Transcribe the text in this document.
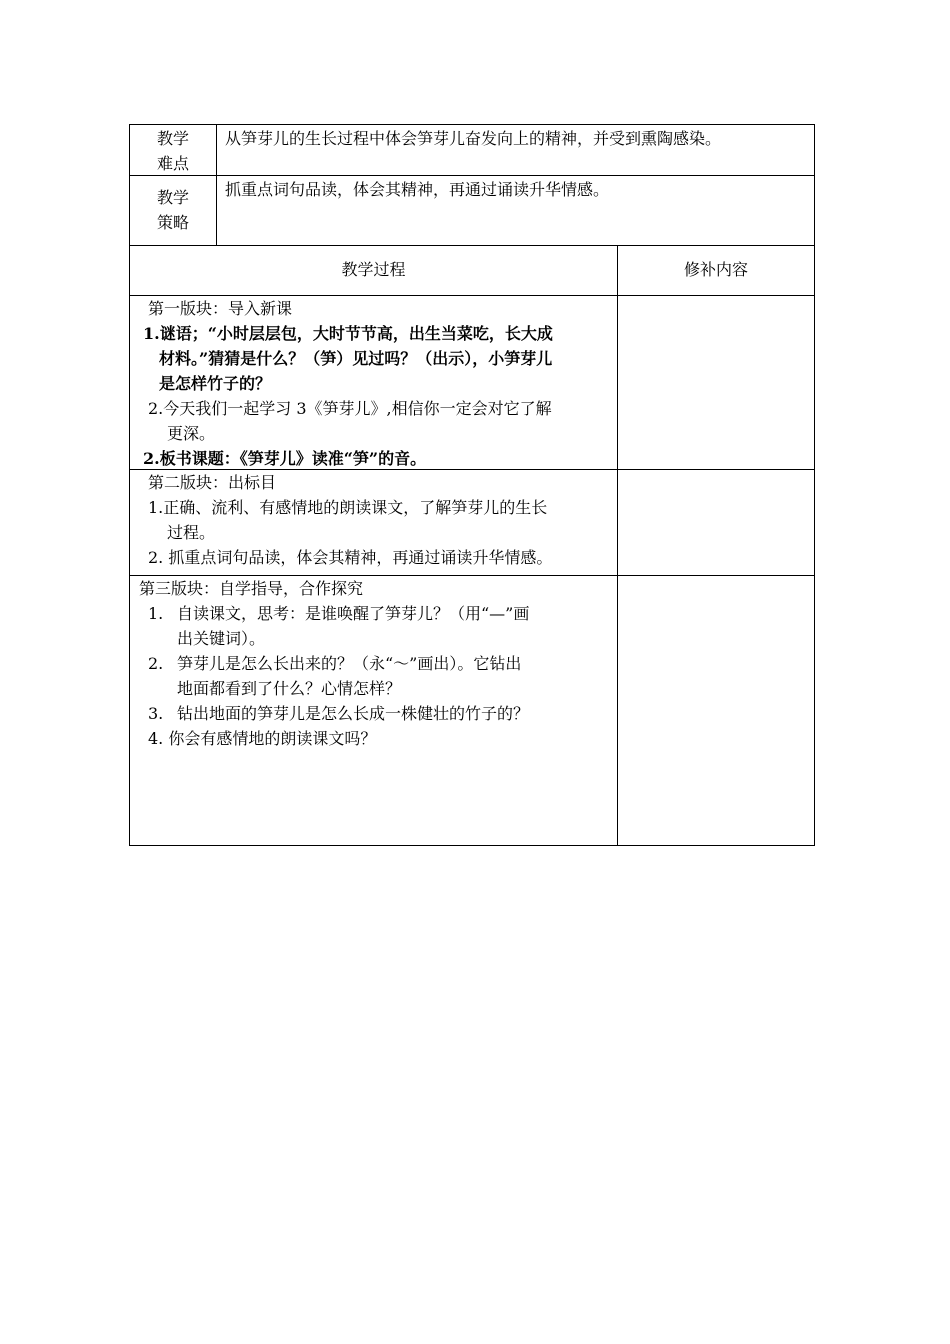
教学
难点
从笋芽儿的生长过程中体会笋芽儿奋发向上的精神，并受到熏陶感染。
教学
策略
抓重点词句品读，体会其精神，再通过诵读升华情感。
教学过程	修补内容
第一版块：导入新课
1.谜语；“小时层层包，大时节节高，出生当菜吃，长大成
材料。”猜猜是什么？（笋）见过吗？（出示），小笋芽儿
是怎样竹子的？
2.今天我们一起学习 3《笋芽儿》,相信你一定会对它了解
更深。
2.板书课题：《笋芽儿》读准“笋”的音。
第二版块：出标目
1.正确、流利、有感情地的朗读课文，了解笋芽儿的生长
过程。
2. 抓重点词句品读，体会其精神，再通过诵读升华情感。
第三版块：自学指导，合作探究
1. 自读课文，思考：是谁唤醒了笋芽儿？（用“—”画
出关键词）。
2. 笋芽儿是怎么长出来的？（永“～”画出）。它钻出
地面都看到了什么？心情怎样？
3. 钻出地面的笋芽儿是怎么长成一株健壮的竹子的？
4. 你会有感情地的朗读课文吗？
